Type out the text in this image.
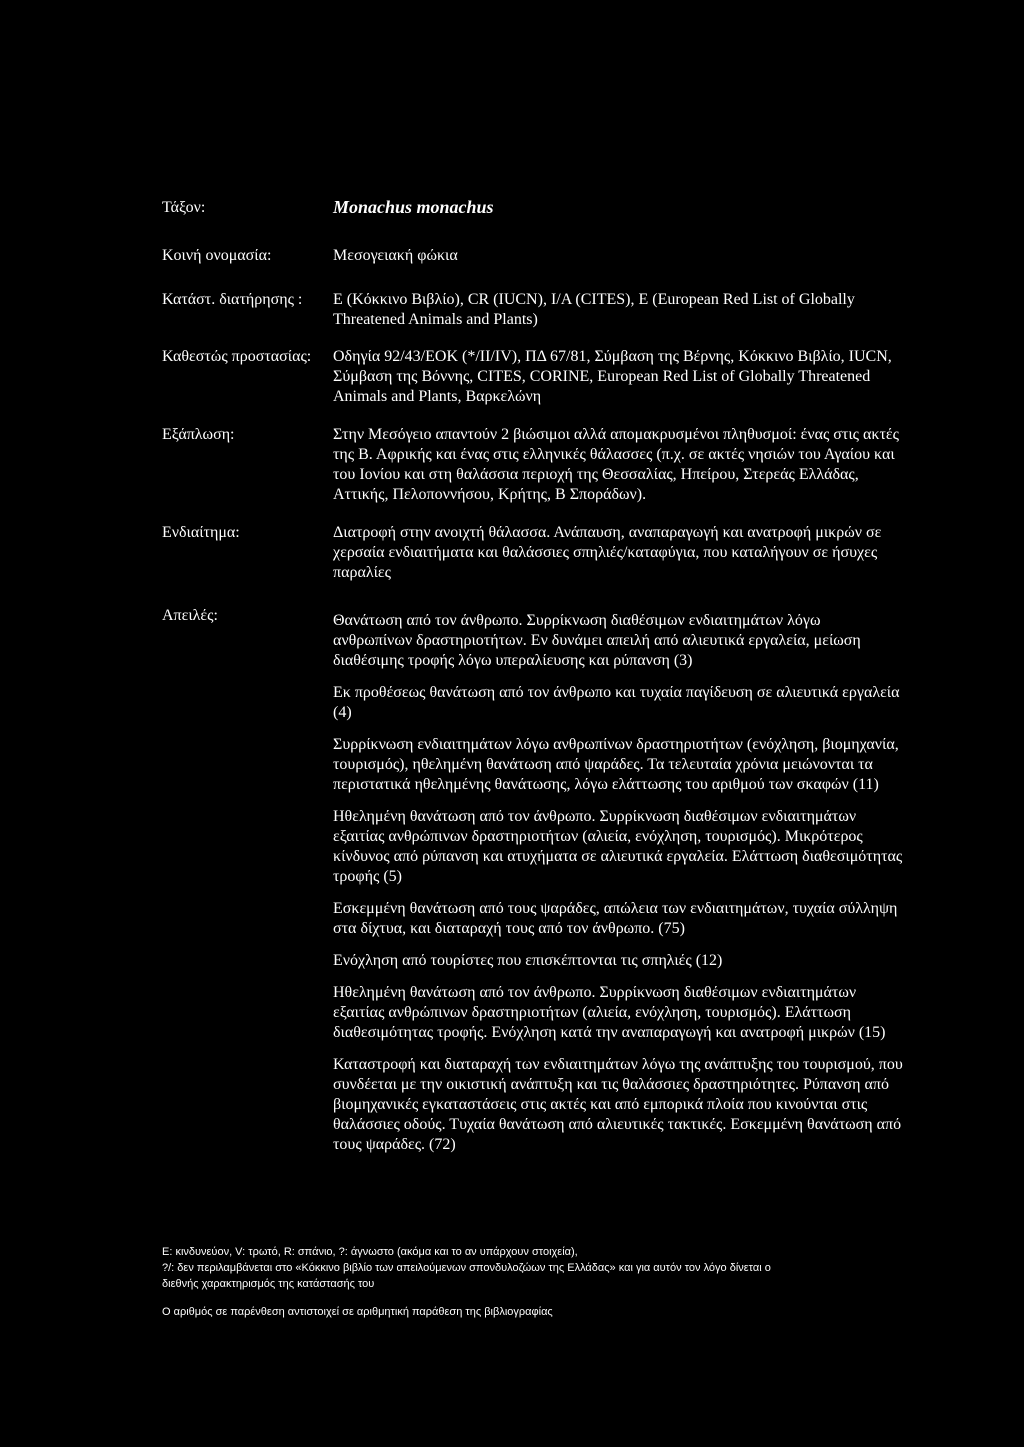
Τάξον:	Monachus monachus
Κοινή ονομασία:	Μεσογειακή φώκια
Κατάστ. διατήρησης : E (Κόκκινο Βιβλίο), CR (IUCN), I/A (CITES), E (European Red List of Globally Threatened Animals and Plants)
Καθεστώς προστασίας: Οδηγία 92/43/ΕΟΚ (*/II/IV), ΠΔ 67/81, Σύμβαση της Βέρνης, Κόκκινο Βιβλίο, IUCN, Σύμβαση της Βόννης, CITES, CORINE, European Red List of Globally Threatened Animals and Plants, Βαρκελώνη
Εξάπλωση:	Στην Μεσόγειο απαντούν 2 βιώσιμοι αλλά απομακρυσμένοι πληθυσμοί: ένας στις ακτές της Β. Αφρικής και ένας στις ελληνικές θάλασσες (π.χ. σε ακτές νησιών του Αγαίου και του Ιονίου και στη θαλάσσια περιοχή της Θεσσαλίας, Ηπείρου, Στερεάς Ελλάδας, Αττικής, Πελοποννήσου, Κρήτης, Β Σποράδων).
Ενδιαίτημα:	Διατροφή στην ανοιχτή θάλασσα. Ανάπαυση, αναπαραγωγή και ανατροφή μικρών σε χερσαία ενδιαιτήματα και θαλάσσιες σπηλιές/καταφύγια, που καταλήγουν σε ήσυχες παραλίες
Απειλές:	Θανάτωση από τον άνθρωπο. Συρρίκνωση διαθέσιμων ενδιαιτημάτων λόγω ανθρωπίνων δραστηριοτήτων. Εν δυνάμει απειλή από αλιευτικά εργαλεία, μείωση διαθέσιμης τροφής λόγω υπεραλίευσης και ρύπανση (3)

Εκ προθέσεως θανάτωση από τον άνθρωπο και τυχαία παγίδευση σε αλιευτικά εργαλεία (4)

Συρρίκνωση ενδιαιτημάτων λόγω ανθρωπίνων δραστηριοτήτων (ενόχληση, βιομηχανία, τουρισμός), ηθελημένη θανάτωση από ψαράδες. Τα τελευταία χρόνια μειώνονται τα περιστατικά ηθελημένης θανάτωσης, λόγω ελάττωσης του αριθμού των σκαφών (11)

Ηθελημένη θανάτωση από τον άνθρωπο. Συρρίκνωση διαθέσιμων ενδιαιτημάτων εξαιτίας ανθρώπινων δραστηριοτήτων (αλιεία, ενόχληση, τουρισμός). Μικρότερος κίνδυνος από ρύπανση και ατυχήματα σε αλιευτικά εργαλεία. Ελάττωση διαθεσιμότητας τροφής (5)

Εσκεμμένη θανάτωση από τους ψαράδες, απώλεια των ενδιαιτημάτων, τυχαία σύλληψη στα δίχτυα, και διαταραχή τους από τον άνθρωπο. (75)

Ενόχληση από τουρίστες που επισκέπτονται τις σπηλιές (12)

Ηθελημένη θανάτωση από τον άνθρωπο. Συρρίκνωση διαθέσιμων ενδιαιτημάτων εξαιτίας ανθρώπινων δραστηριοτήτων (αλιεία, ενόχληση, τουρισμός). Ελάττωση διαθεσιμότητας τροφής. Ενόχληση κατά την αναπαραγωγή και ανατροφή μικρών (15)

Καταστροφή και διαταραχή των ενδιαιτημάτων λόγω της ανάπτυξης του τουρισμού, που συνδέεται με την οικιστική ανάπτυξη και τις θαλάσσιες δραστηριότητες. Ρύπανση από βιομηχανικές εγκαταστάσεις στις ακτές και από εμπορικά πλοία που κινούνται στις θαλάσσιες οδούς. Τυχαία θανάτωση από αλιευτικές τακτικές. Εσκεμμένη θανάτωση από τους ψαράδες. (72)

E: κινδυνεύον, V: τρωτό, R: σπάνιο, ?: άγνωστο (ακόμα και το αν υπάρχουν στοιχεία),
?/: δεν περιλαμβάνεται στο «Κόκκινο βιβλίο των απειλούμενων σπονδυλοζώων της Ελλάδας» και για αυτόν τον λόγο δίνεται ο διεθνής χαρακτηρισμός της κατάστασής του
Ο αριθμός σε παρένθεση αντιστοιχεί σε αριθμητική παράθεση της βιβλιογραφίας
